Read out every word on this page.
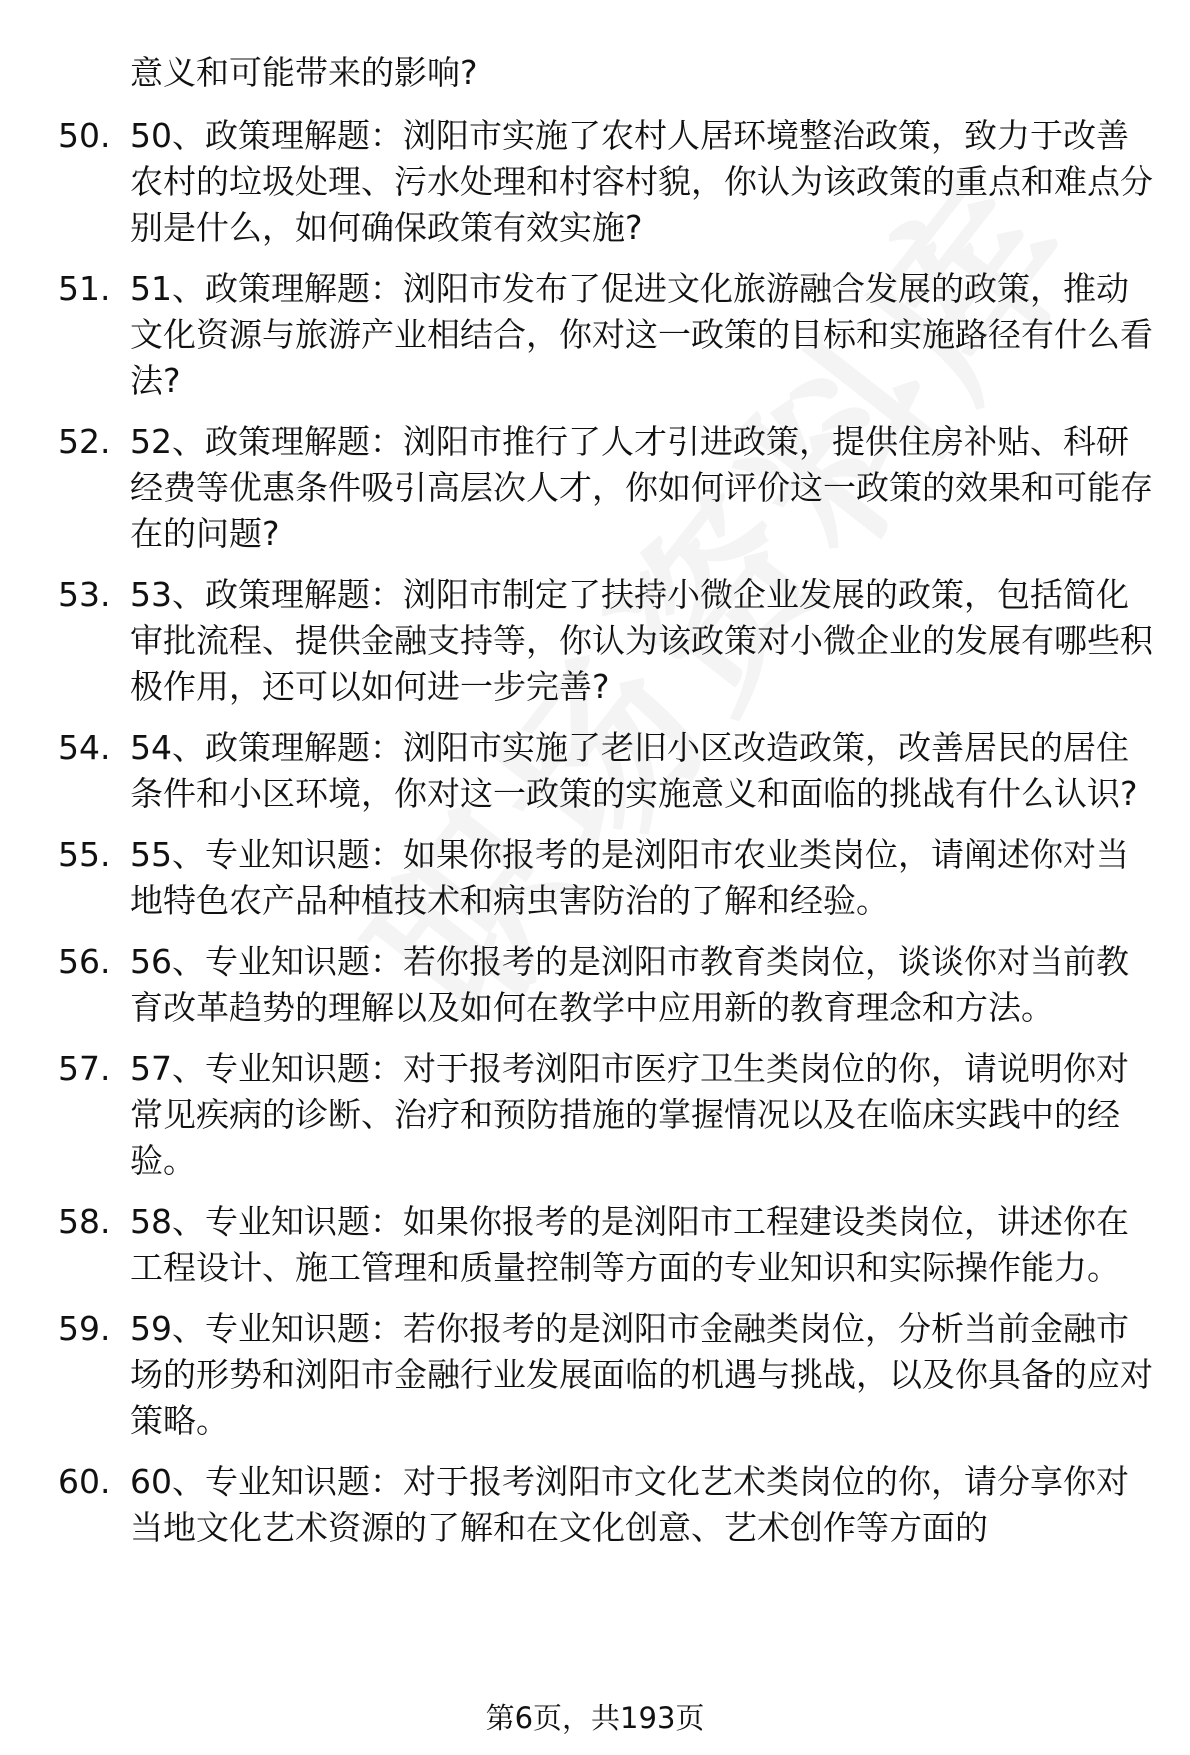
意义和可能带来的影响?
50. 50、政策理解题：浏阳市实施了农村人居环境整治政策，致力于改善农村的垃圾处理、污水处理和村容村貌，你认为该政策的重点和难点分别是什么，如何确保政策有效实施?
51. 51、政策理解题：浏阳市发布了促进文化旅游融合发展的政策，推动文化资源与旅游产业相结合，你对这一政策的目标和实施路径有什么看法?
52. 52、政策理解题：浏阳市推行了人才引进政策，提供住房补贴、科研经费等优惠条件吸引高层次人才，你如何评价这一政策的效果和可能存在的问题?
53. 53、政策理解题：浏阳市制定了扶持小微企业发展的政策，包括简化审批流程、提供金融支持等，你认为该政策对小微企业的发展有哪些积极作用，还可以如何进一步完善?
54. 54、政策理解题：浏阳市实施了老旧小区改造政策，改善居民的居住条件和小区环境，你对这一政策的实施意义和面临的挑战有什么认识?
55. 55、专业知识题：如果你报考的是浏阳市农业类岗位，请阐述你对当地特色农产品种植技术和病虫害防治的了解和经验。
56. 56、专业知识题：若你报考的是浏阳市教育类岗位，谈谈你对当前教育改革趋势的理解以及如何在教学中应用新的教育理念和方法。
57. 57、专业知识题：对于报考浏阳市医疗卫生类岗位的你，请说明你对常见疾病的诊断、治疗和预防措施的掌握情况以及在临床实践中的经验。
58. 58、专业知识题：如果你报考的是浏阳市工程建设类岗位，讲述你在工程设计、施工管理和质量控制等方面的专业知识和实际操作能力。
59. 59、专业知识题：若你报考的是浏阳市金融类岗位，分析当前金融市场的形势和浏阳市金融行业发展面临的机遇与挑战，以及你具备的应对策略。
60. 60、专业知识题：对于报考浏阳市文化艺术类岗位的你，请分享你对当地文化艺术资源的了解和在文化创意、艺术创作等方面的
第6页，共193页
